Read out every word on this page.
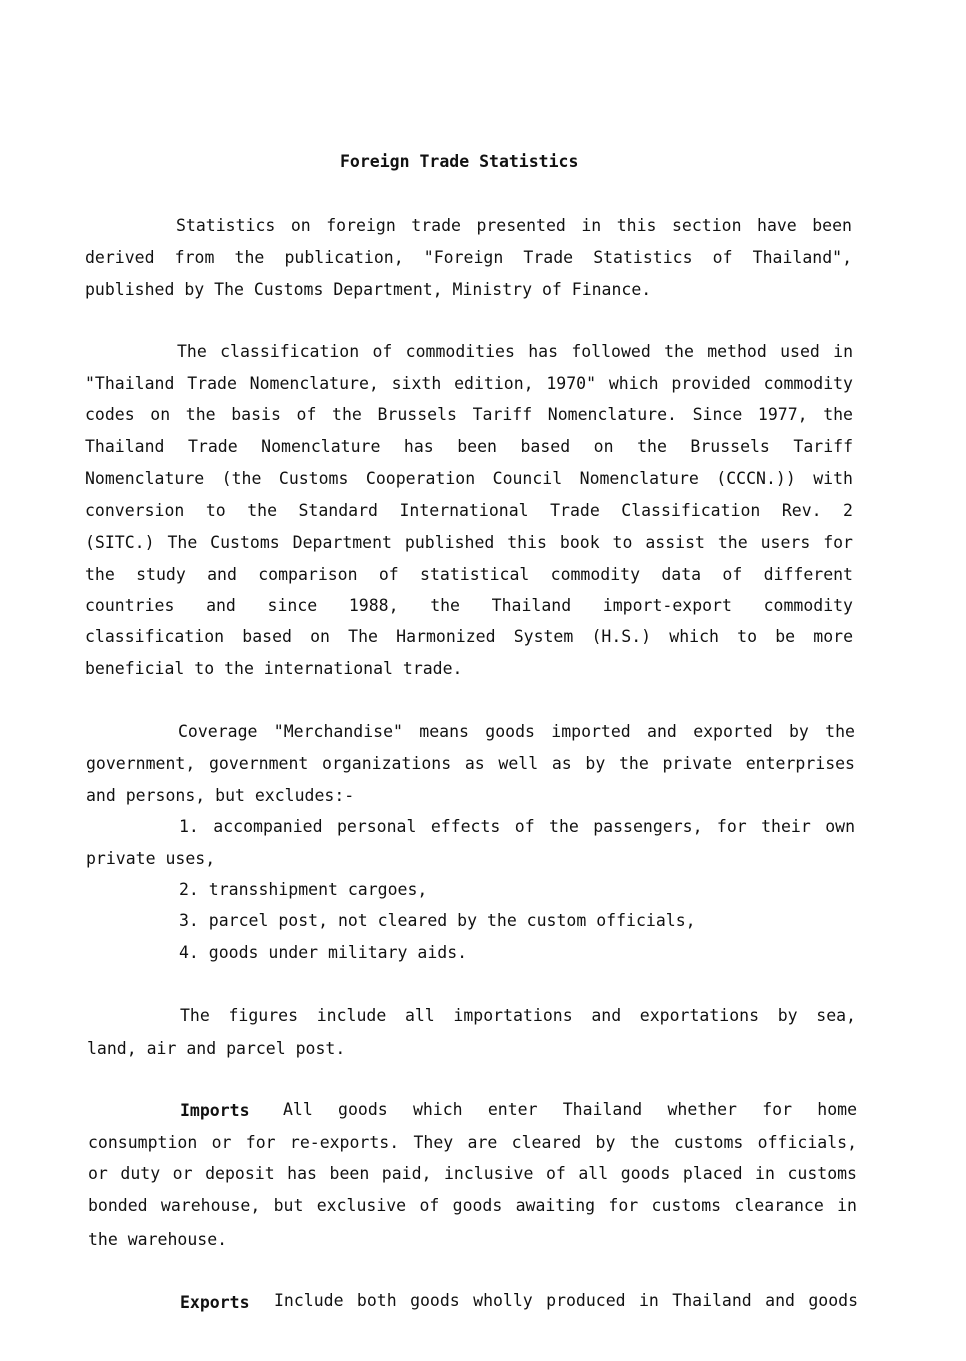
Foreign Trade Statistics
Statistics on foreign trade presented in this section have been
derived from the publication, "Foreign Trade Statistics of Thailand",
published by The Customs Department, Ministry of Finance.
The classification of commodities has followed the method used in
"Thailand Trade Nomenclature, sixth edition, 1970" which provided commodity
codes on the basis of the Brussels Tariff Nomenclature. Since 1977, the
Thailand Trade Nomenclature has been based on the Brussels Tariff
Nomenclature (the Customs Cooperation Council Nomenclature (CCCN.)) with
conversion to the Standard International Trade Classification Rev. 2
(SITC.) The Customs Department published this book to assist the users for
the study and comparison of statistical commodity data of different
countries and since 1988, the Thailand import-export commodity
classification based on The Harmonized System (H.S.) which to be more
beneficial to the international trade.
Coverage "Merchandise" means goods imported and exported by the
government, government organizations as well as by the private enterprises
and persons, but excludes:-
1. accompanied personal effects of the passengers, for their own
private uses,
2. transshipment cargoes,
3. parcel post, not cleared by the custom officials,
4. goods under military aids.
The figures include all importations and exportations by sea,
land, air and parcel post.
Imports All goods which enter Thailand whether for home
consumption or for re-exports. They are cleared by the customs officials,
or duty or deposit has been paid, inclusive of all goods placed in customs
bonded warehouse, but exclusive of goods awaiting for customs clearance in
the warehouse.
Exports Include both goods wholly produced in Thailand and goods
